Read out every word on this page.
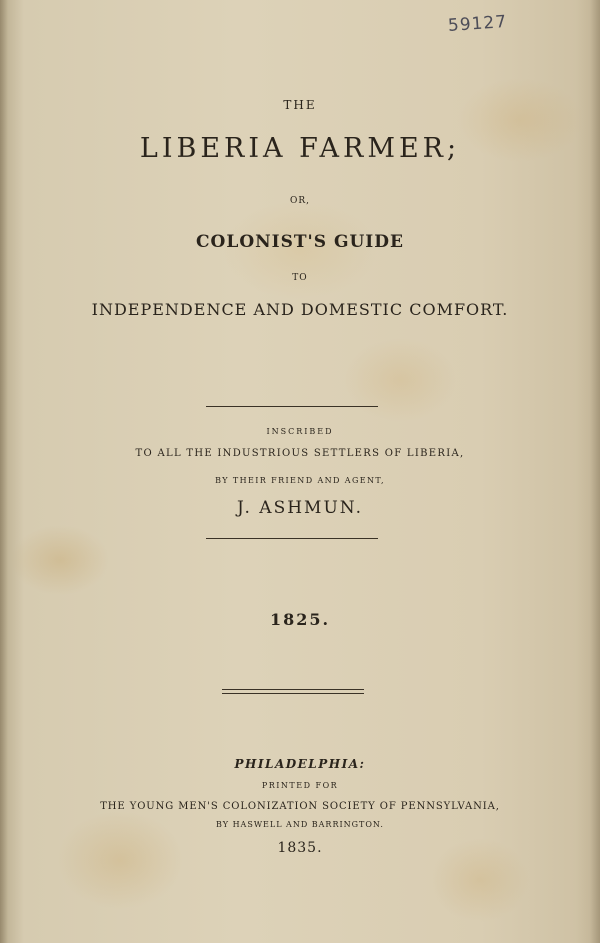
59127
THE
LIBERIA FARMER;
OR,
COLONIST'S GUIDE
TO
INDEPENDENCE AND DOMESTIC COMFORT.
INSCRIBED
TO ALL THE INDUSTRIOUS SETTLERS OF LIBERIA,
BY THEIR FRIEND AND AGENT,
J. ASHMUN.
1825.
PHILADELPHIA:
PRINTED FOR
THE YOUNG MEN'S COLONIZATION SOCIETY OF PENNSYLVANIA,
BY HASWELL AND BARRINGTON.
1835.
